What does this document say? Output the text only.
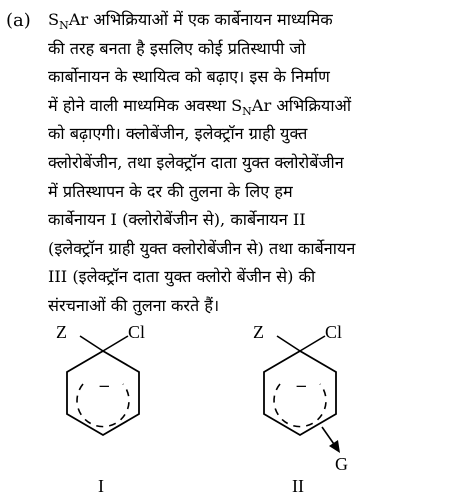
(a) $S_NAr$ अभिक्रियाओं में एक कार्बेनायन माध्यमिक
की तरह बनता है इसलिए कोई प्रतिस्थापी जो
कार्बोनायन के स्थायित्व को बढ़ाए। इस के निर्माण
में होने वाली माध्यमिक अवस्था $S_NAr$ अभिक्रियाओं
को बढ़ाएगी। क्लोबेंजीन, इलेक्ट्रॉन ग्राही युक्त
क्लोरोबेंजीन, तथा इलेक्ट्रॉन दाता युक्त क्लोरोबेंजीन
में प्रतिस्थापन के दर की तुलना के लिए हम
कार्बेनायन I (क्लोरोबेंजीन से), कार्बेनायन II
(इलेक्ट्रॉन ग्राही युक्त क्लोरोबेंजीन से) तथा कार्बेनायन
III (इलेक्ट्रॉन दाता युक्त क्लोरो बेंजीन से) की
संरचनाओं की तुलना करते हैं।
Z	Cl
−
I
Z	Cl
−
G
II
